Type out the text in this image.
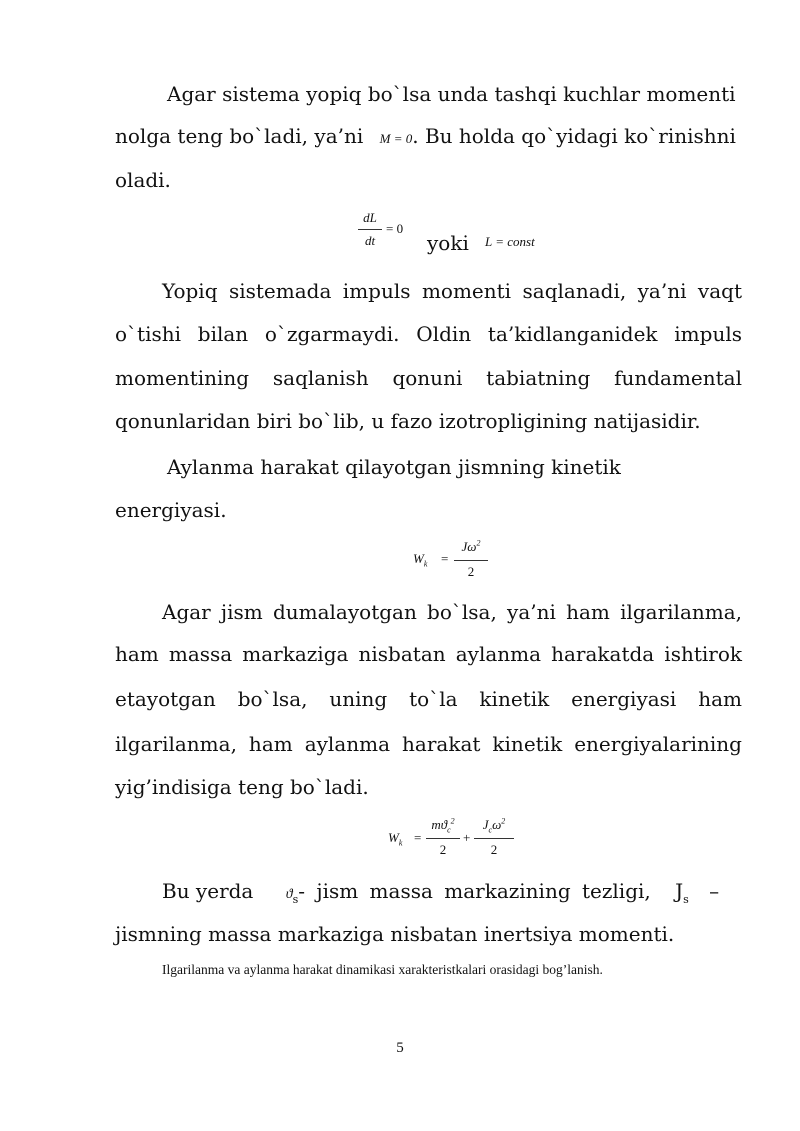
Agar sistema yopiq bo`lsa unda tashqi kuchlar momenti
nolga teng bo`ladi, ya’ni M = 0. Bu holda qo`yidagi ko`rinishni
oladi.
dL
dt
= 0
yoki L = const
Yopiq sistemada impuls momenti saqlanadi, ya’ni vaqt
o`tishi bilan o`zgarmaydi. Oldin ta’kidlanganidek impuls
momentining saqlanish qonuni tabiatning fundamental
qonunlaridan biri bo`lib, u fazo izotropligining natijasidir.
Aylanma harakat qilayotgan jismning kinetik
energiyasi.
$W_k$ =
$J\omega^2$
2
Agar jism dumalayotgan bo`lsa, ya’ni ham ilgarilanma,
ham massa markaziga nisbatan aylanma harakatda ishtirok
etayotgan bo`lsa, uning to`la kinetik energiyasi ham
ilgarilanma, ham aylanma harakat kinetik energiyalarining
yig’indisiga teng bo`ladi.
$W_k$ =
$mϑ_c^2$
2
+
$J_c\omega^2$
2
Bu yerda $ϑ_s-$ jism massa markazining tezligi, $J_s$ –
jismning massa markaziga nisbatan inertsiya momenti.
Ilgarilanma va aylanma harakat dinamikasi xarakteristkalari orasidagi bog’lanish.
5
